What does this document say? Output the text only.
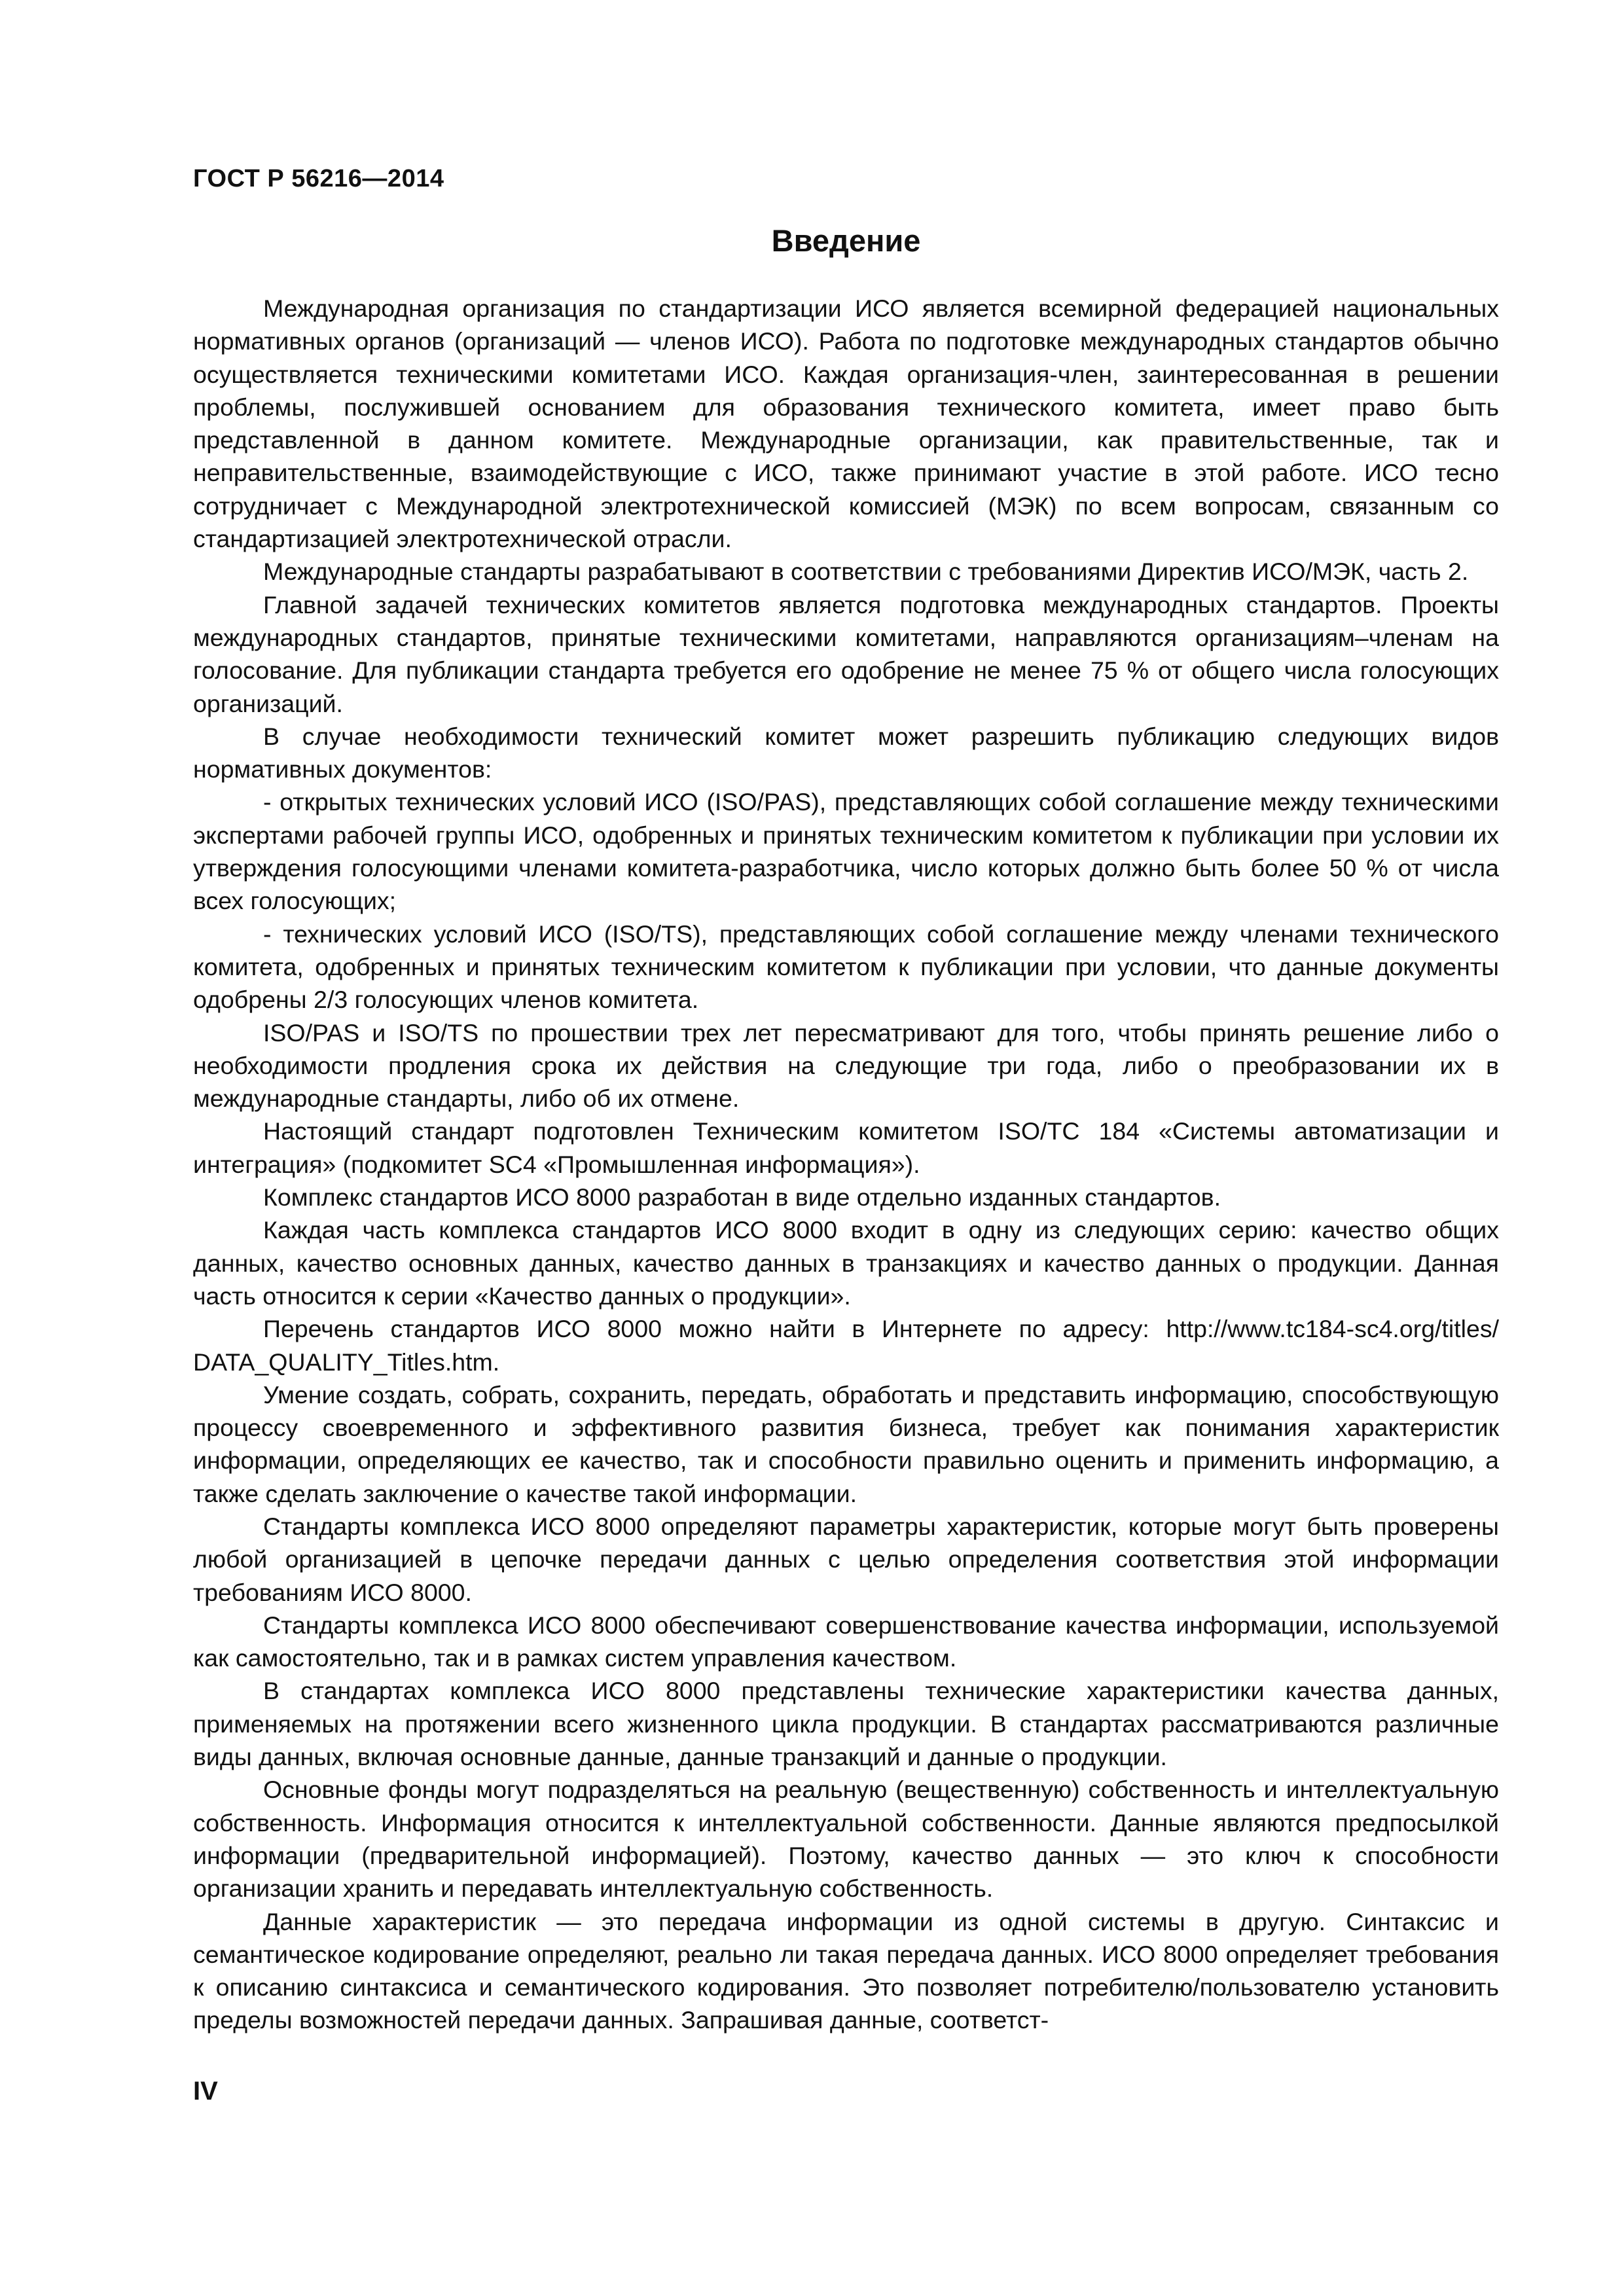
ГОСТ Р 56216—2014
Введение

Международная организация по стандартизации ИСО является всемирной федерацией национальных нормативных органов (организаций — членов ИСО). Работа по подготовке международных стандартов обычно осуществляется техническими комитетами ИСО. Каждая организация-член, заинтересованная в решении проблемы, послужившей основанием для образования технического комитета, имеет право быть представленной в данном комитете. Международные организации, как правительственные, так и неправительственные, взаимодействующие с ИСО, также принимают участие в этой работе. ИСО тесно сотрудничает с Международной электротехнической комиссией (МЭК) по всем вопросам, связанным со стандартизацией электротехнической отрасли.

Международные стандарты разрабатывают в соответствии с требованиями Директив ИСО/МЭК, часть 2.

Главной задачей технических комитетов является подготовка международных стандартов. Проекты международных стандартов, принятые техническими комитетами, направляются организациям–членам на голосование. Для публикации стандарта требуется его одобрение не менее 75 % от общего числа голосующих организаций.

В случае необходимости технический комитет может разрешить публикацию следующих видов нормативных документов:

- открытых технических условий ИСО (ISO/PAS), представляющих собой соглашение между техническими экспертами рабочей группы ИСО, одобренных и принятых техническим комитетом к публикации при условии их утверждения голосующими членами комитета-разработчика, число которых должно быть более 50 % от числа всех голосующих;

- технических условий ИСО (ISO/TS), представляющих собой соглашение между членами технического комитета, одобренных и принятых техническим комитетом к публикации при условии, что данные документы одобрены 2/3 голосующих членов комитета.

ISO/PAS и ISO/TS по прошествии трех лет пересматривают для того, чтобы принять решение либо о необходимости продления срока их действия на следующие три года, либо о преобразовании их в международные стандарты, либо об их отмене.

Настоящий стандарт подготовлен Техническим комитетом ISO/TC 184 «Системы автоматизации и интеграция» (подкомитет SC4 «Промышленная информация»).

Комплекс стандартов ИСО 8000 разработан в виде отдельно изданных стандартов.

Каждая часть комплекса стандартов ИСО 8000 входит в одну из следующих серию: качество общих данных, качество основных данных, качество данных в транзакциях и качество данных о продукции. Данная часть относится к серии «Качество данных о продукции».

Перечень стандартов ИСО 8000 можно найти в Интернете по адресу: http://www.tc184-sc4.org/titles/ DATA_QUALITY_Titles.htm.

Умение создать, собрать, сохранить, передать, обработать и представить информацию, способствующую процессу своевременного и эффективного развития бизнеса, требует как понимания характеристик информации, определяющих ее качество, так и способности правильно оценить и применить информацию, а также сделать заключение о качестве такой информации.

Стандарты комплекса ИСО 8000 определяют параметры характеристик, которые могут быть проверены любой организацией в цепочке передачи данных с целью определения соответствия этой информации требованиям ИСО 8000.

Стандарты комплекса ИСО 8000 обеспечивают совершенствование качества информации, используемой как самостоятельно, так и в рамках систем управления качеством.

В стандартах комплекса ИСО 8000 представлены технические характеристики качества данных, применяемых на протяжении всего жизненного цикла продукции. В стандартах рассматриваются различные виды данных, включая основные данные, данные транзакций и данные о продукции.

Основные фонды могут подразделяться на реальную (вещественную) собственность и интеллектуальную собственность. Информация относится к интеллектуальной собственности. Данные являются предпосылкой информации (предварительной информацией). Поэтому, качество данных — это ключ к способности организации хранить и передавать интеллектуальную собственность.

Данные характеристик — это передача информации из одной системы в другую. Синтаксис и семантическое кодирование определяют, реально ли такая передача данных. ИСО 8000 определяет требования к описанию синтаксиса и семантического кодирования. Это позволяет потребителю/пользователю установить пределы возможностей передачи данных. Запрашивая данные, соответст-

IV
